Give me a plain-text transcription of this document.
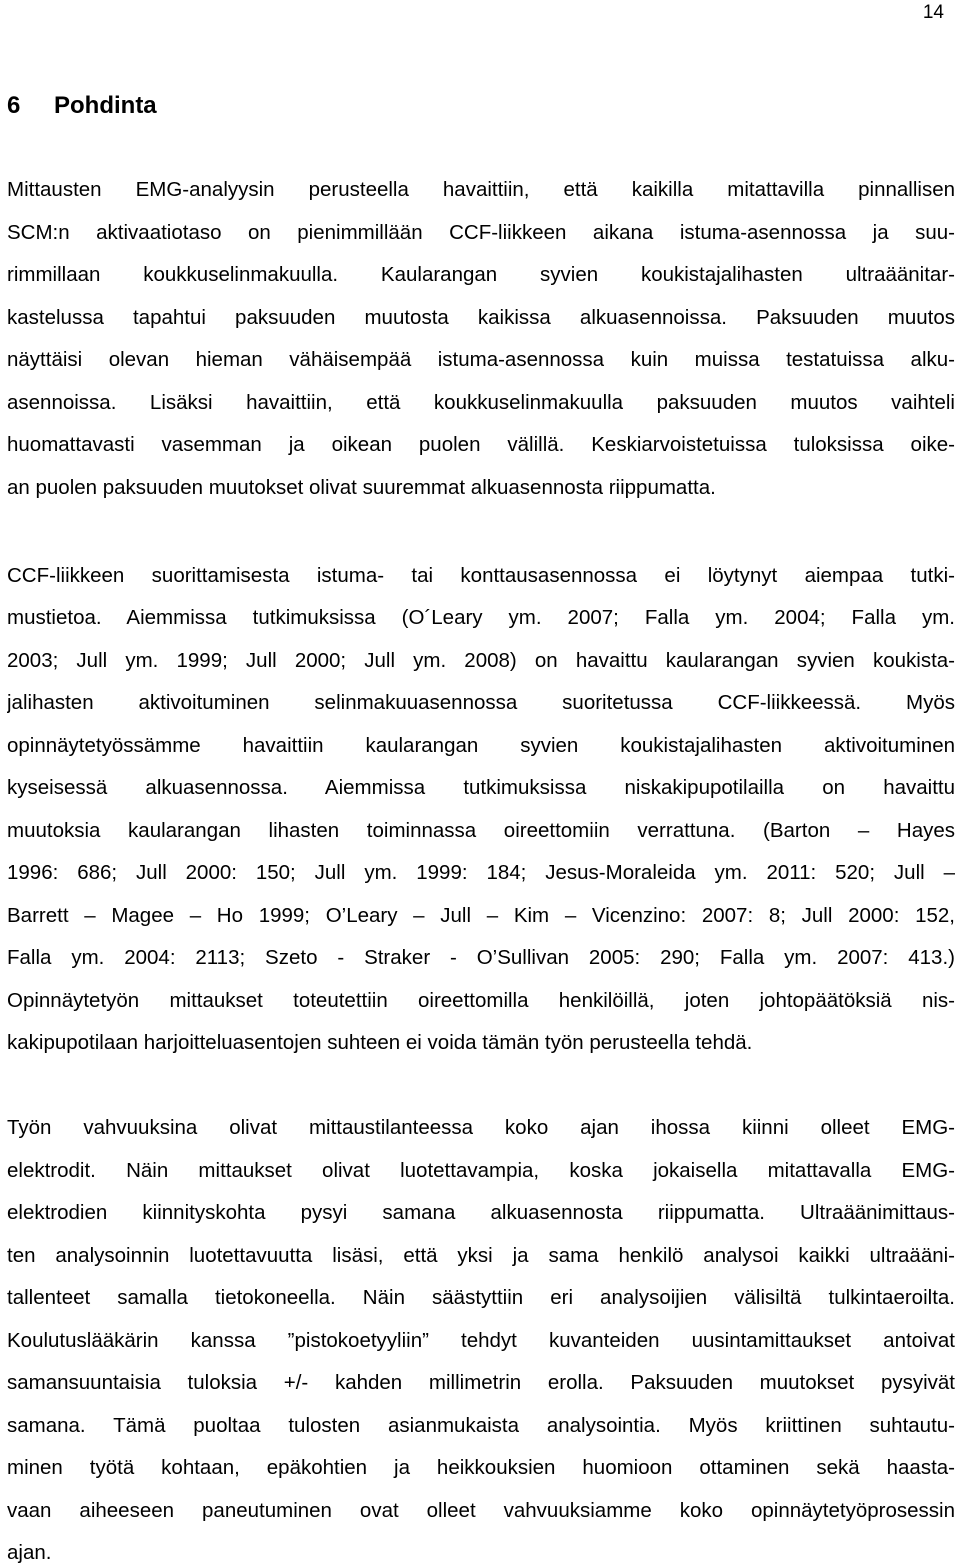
14
6 Pohdinta
Mittausten EMG-analyysin perusteella havaittiin, että kaikilla mitattavilla pinnallisen
SCM:n aktivaatiotaso on pienimmillään CCF-liikkeen aikana istuma-asennossa ja suu-
rimmillaan koukkuselinmakuulla. Kaularangan syvien koukistajalihasten ultraäänitar-
kastelussa tapahtui paksuuden muutosta kaikissa alkuasennoissa. Paksuuden muutos
näyttäisi olevan hieman vähäisempää istuma-asennossa kuin muissa testatuissa alku-
asennoissa. Lisäksi havaittiin, että koukkuselinmakuulla paksuuden muutos vaihteli
huomattavasti vasemman ja oikean puolen välillä. Keskiarvoistetuissa tuloksissa oike-
an puolen paksuuden muutokset olivat suuremmat alkuasennosta riippumatta.
CCF-liikkeen suorittamisesta istuma- tai konttausasennossa ei löytynyt aiempaa tutki-
mustietoa. Aiemmissa tutkimuksissa (O´Leary ym. 2007; Falla ym. 2004; Falla ym.
2003; Jull ym. 1999; Jull 2000; Jull ym. 2008) on havaittu kaularangan syvien koukista-
jalihasten aktivoituminen selinmakuuasennossa suoritetussa CCF-liikkeessä. Myös
opinnäytetyössämme havaittiin kaularangan syvien koukistajalihasten aktivoituminen
kyseisessä alkuasennossa. Aiemmissa tutkimuksissa niskakipupotilailla on havaittu
muutoksia kaularangan lihasten toiminnassa oireettomiin verrattuna. (Barton – Hayes
1996: 686; Jull 2000: 150; Jull ym. 1999: 184; Jesus-Moraleida ym. 2011: 520; Jull –
Barrett – Magee – Ho 1999; O’Leary – Jull – Kim – Vicenzino: 2007: 8; Jull 2000: 152,
Falla ym. 2004: 2113; Szeto - Straker - O’Sullivan 2005: 290; Falla ym. 2007: 413.)
Opinnäytetyön mittaukset toteutettiin oireettomilla henkilöillä, joten johtopäätöksiä nis-
kakipupotilaan harjoitteluasentojen suhteen ei voida tämän työn perusteella tehdä.
Työn vahvuuksina olivat mittaustilanteessa koko ajan ihossa kiinni olleet EMG-
elektrodit. Näin mittaukset olivat luotettavampia, koska jokaisella mitattavalla EMG-
elektrodien kiinnityskohta pysyi samana alkuasennosta riippumatta. Ultraäänimittaus-
ten analysoinnin luotettavuutta lisäsi, että yksi ja sama henkilö analysoi kaikki ultraääni-
tallenteet samalla tietokoneella. Näin säästyttiin eri analysoijien välisiltä tulkintaeroilta.
Koulutuslääkärin kanssa ”pistokoetyyliin” tehdyt kuvanteiden uusintamittaukset antoivat
samansuuntaisia tuloksia +/- kahden millimetrin erolla. Paksuuden muutokset pysyivät
samana. Tämä puoltaa tulosten asianmukaista analysointia. Myös kriittinen suhtautu-
minen työtä kohtaan, epäkohtien ja heikkouksien huomioon ottaminen sekä haasta-
vaan aiheeseen paneutuminen ovat olleet vahvuuksiamme koko opinnäytetyöprosessin
ajan.
